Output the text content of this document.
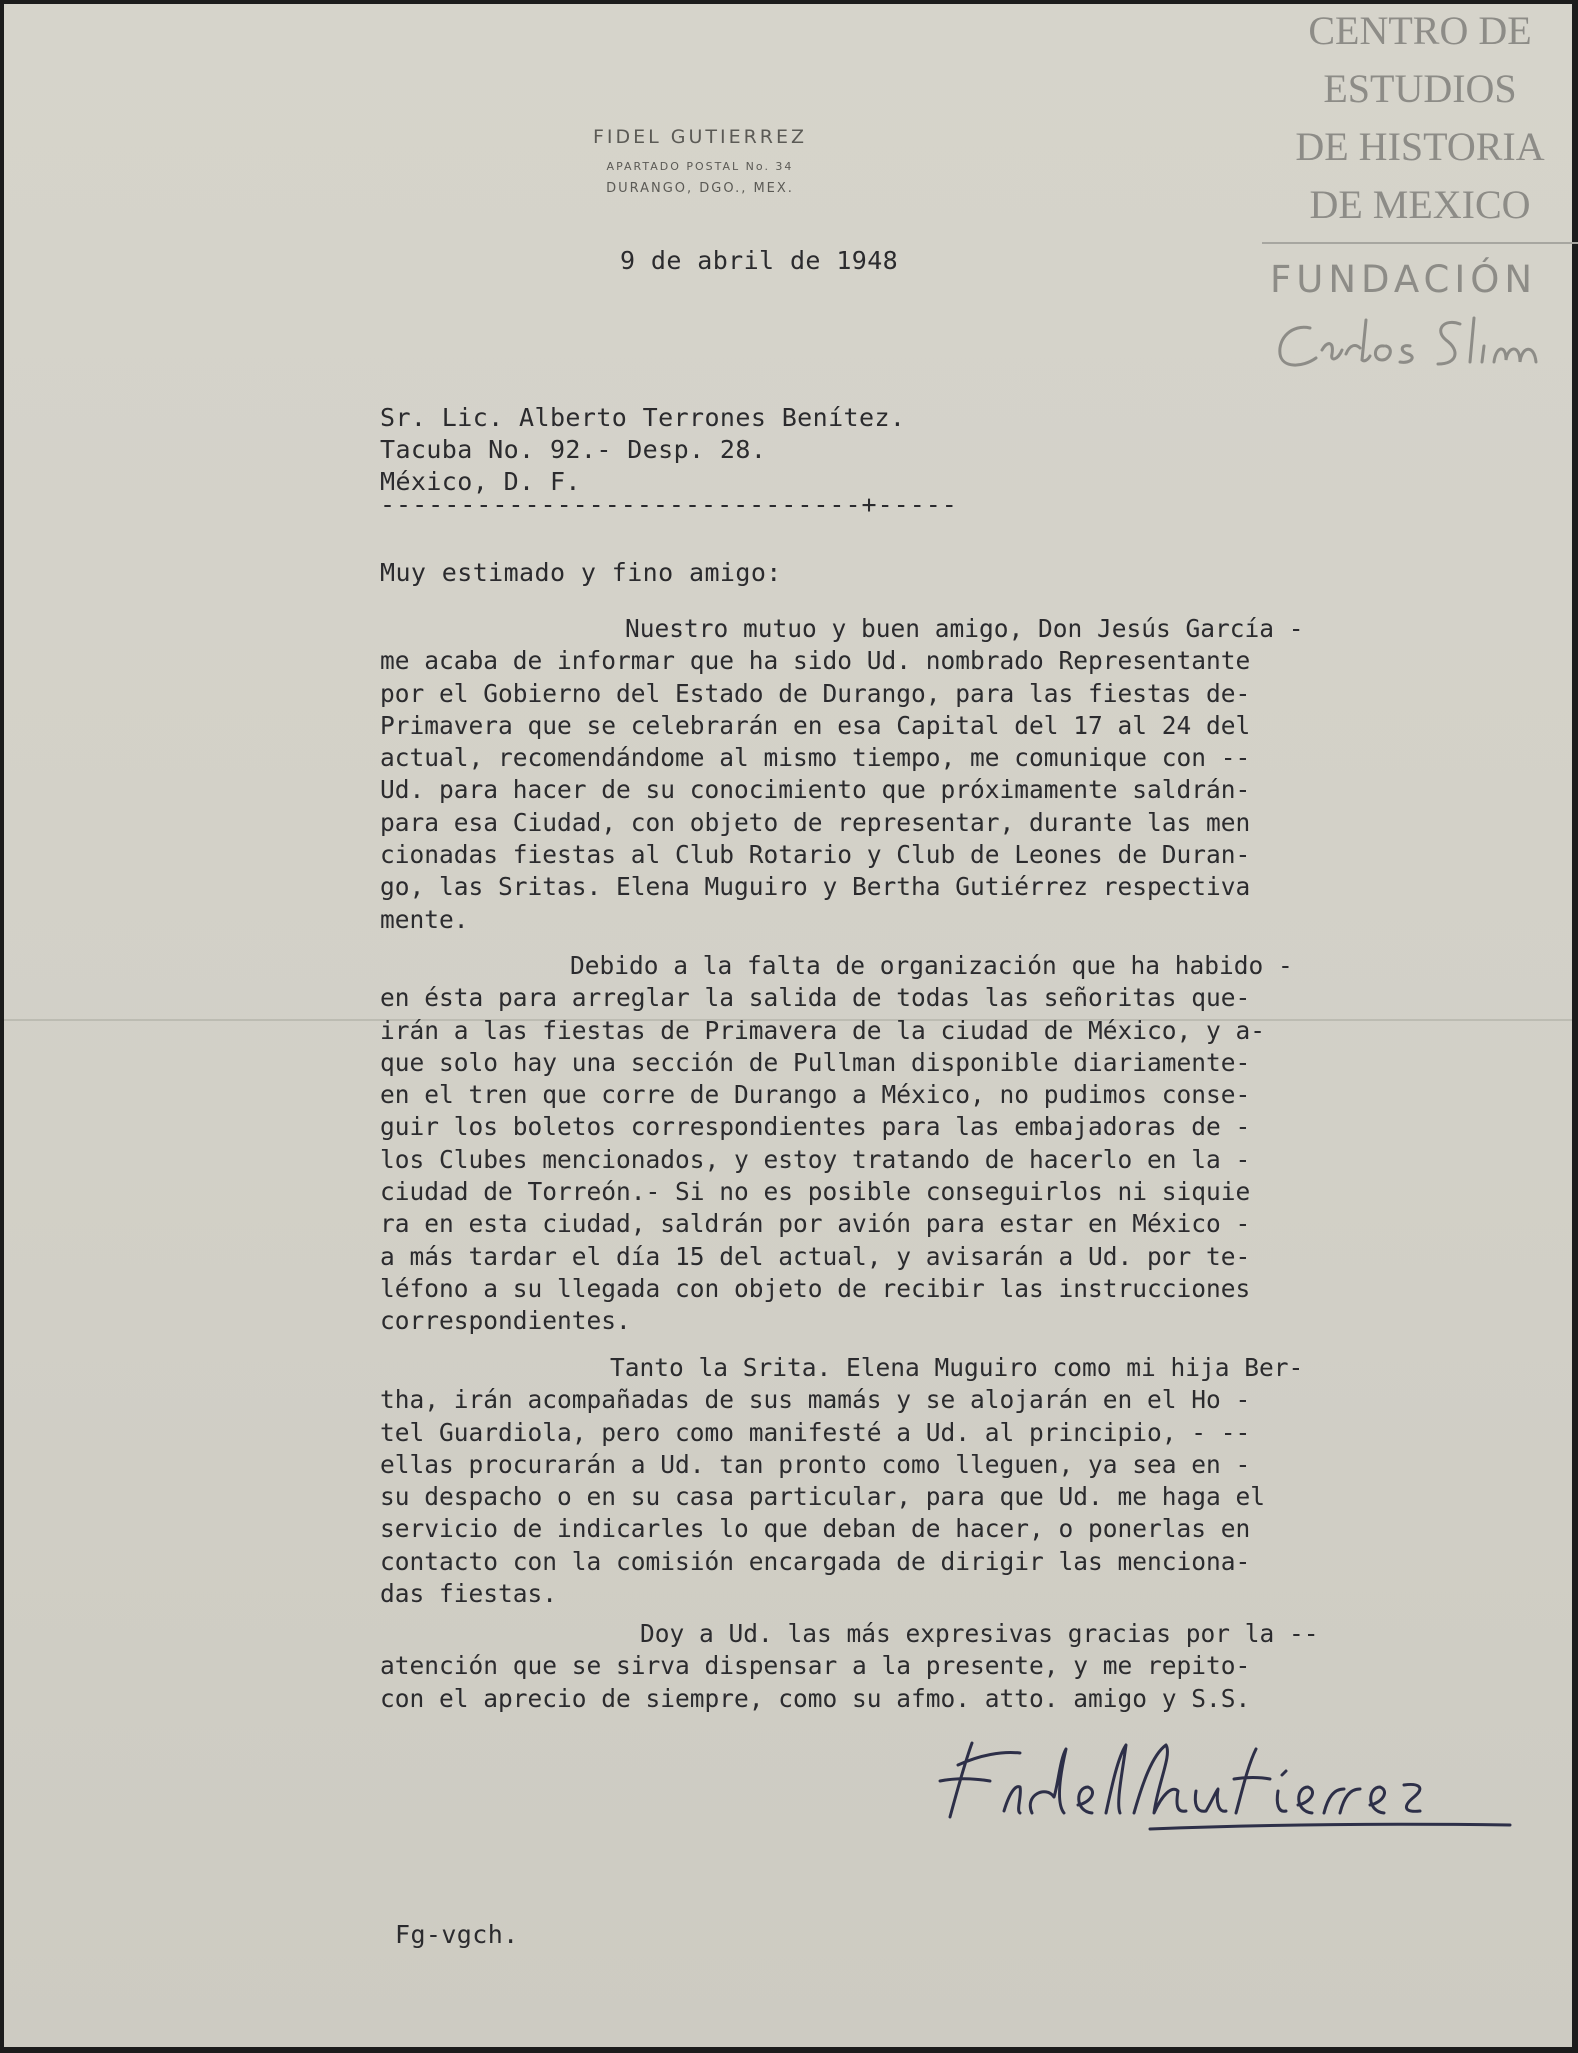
FIDEL GUTIERREZ
APARTADO POSTAL No. 34
DURANGO, DGO., MEX.
CENTRO DE
ESTUDIOS
DE HISTORIA
DE MEXICO
FUNDACIÓN
9 de abril de 1948
Sr. Lic. Alberto Terrones Benítez.
Tacuba No. 92.- Desp. 28.
México, D. F.
------------------------------+-----
Muy estimado y fino amigo:
Nuestro mutuo y buen amigo, Don Jesús García -
me acaba de informar que ha sido Ud. nombrado Representante
por el Gobierno del Estado de Durango, para las fiestas de-
Primavera que se celebrarán en esa Capital del 17 al 24 del
actual, recomendándome al mismo tiempo, me comunique con --
Ud. para hacer de su conocimiento que próximamente saldrán-
para esa Ciudad, con objeto de representar, durante las men
cionadas fiestas al Club Rotario y Club de Leones de Duran-
go, las Sritas. Elena Muguiro y Bertha Gutiérrez respectiva
mente.
Debido a la falta de organización que ha habido -
en ésta para arreglar la salida de todas las señoritas que-
irán a las fiestas de Primavera de la ciudad de México, y a-
que solo hay una sección de Pullman disponible diariamente-
en el tren que corre de Durango a México, no pudimos conse-
guir los boletos correspondientes para las embajadoras de -
los Clubes mencionados, y estoy tratando de hacerlo en la -
ciudad de Torreón.- Si no es posible conseguirlos ni siquie
ra en esta ciudad, saldrán por avión para estar en México -
a más tardar el día 15 del actual, y avisarán a Ud. por te-
léfono a su llegada con objeto de recibir las instrucciones
correspondientes.
Tanto la Srita. Elena Muguiro como mi hija Ber-
tha, irán acompañadas de sus mamás y se alojarán en el Ho -
tel Guardiola, pero como manifesté a Ud. al principio, - --
ellas procurarán a Ud. tan pronto como lleguen, ya sea en -
su despacho o en su casa particular, para que Ud. me haga el
servicio de indicarles lo que deban de hacer, o ponerlas en
contacto con la comisión encargada de dirigir las menciona-
das fiestas.
Doy a Ud. las más expresivas gracias por la --
atención que se sirva dispensar a la presente, y me repito-
con el aprecio de siempre, como su afmo. atto. amigo y S.S.
Fg-vgch.
